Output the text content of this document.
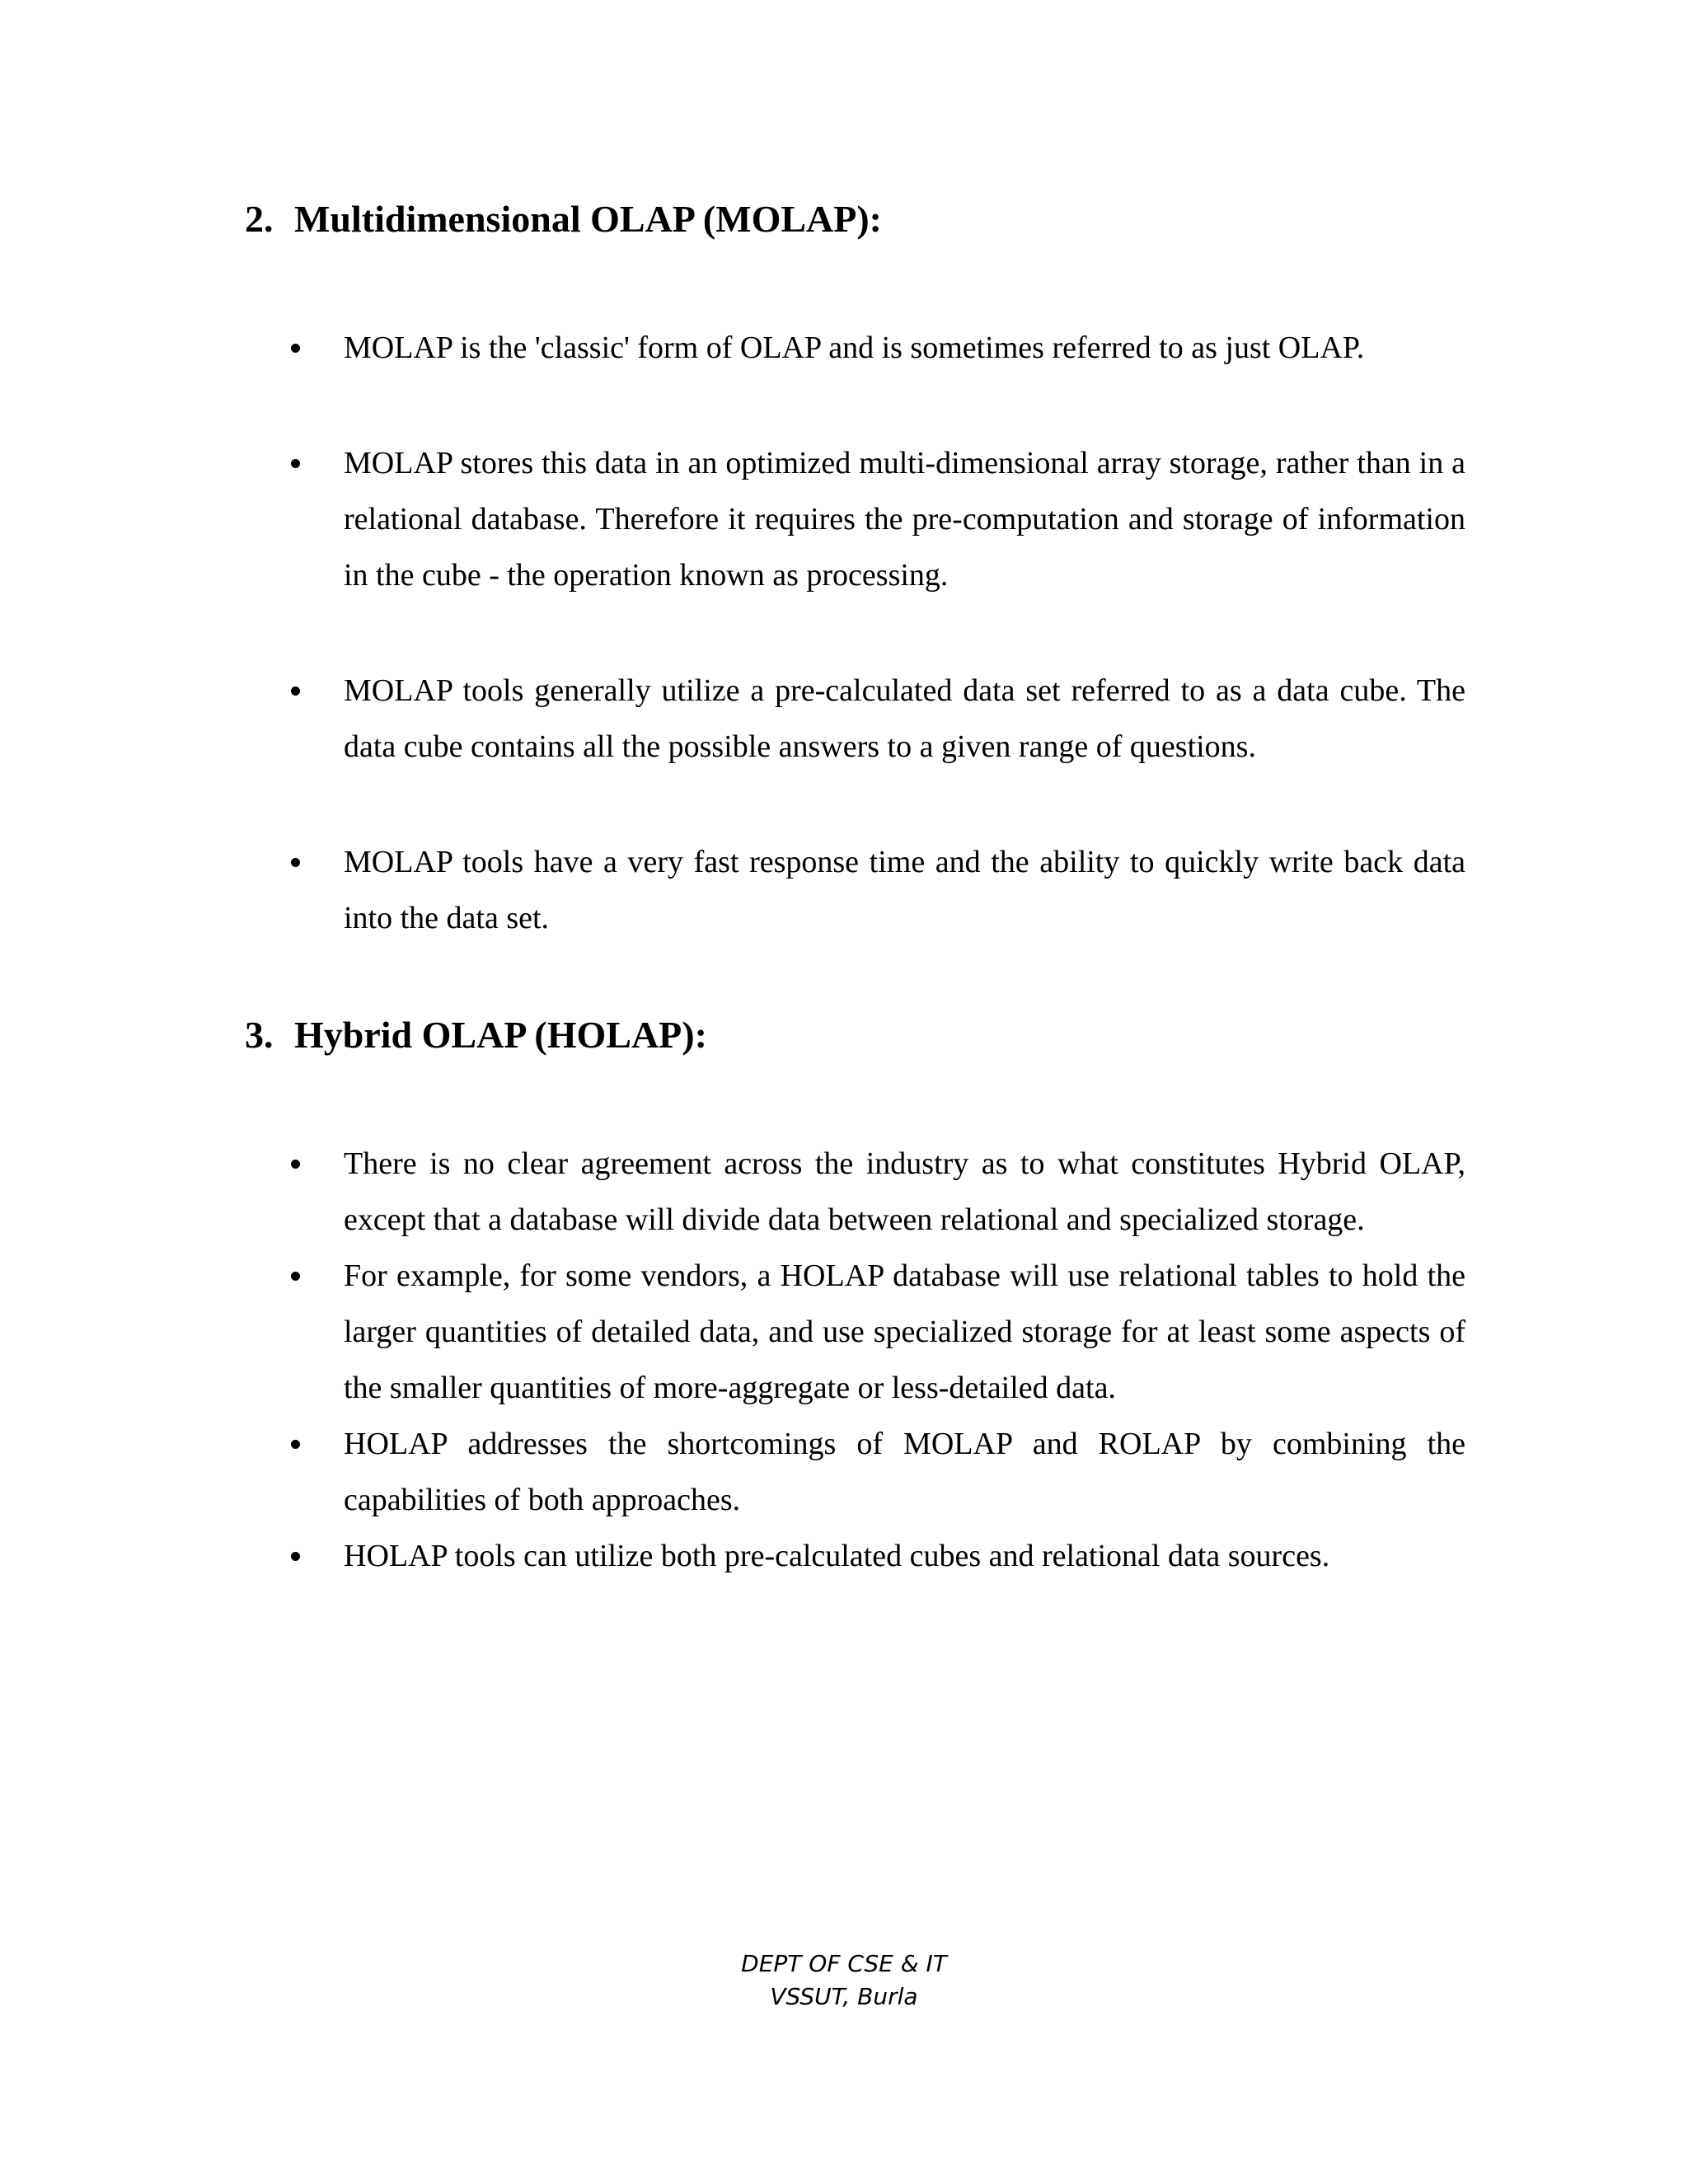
2. Multidimensional OLAP (MOLAP):
MOLAP is the 'classic' form of OLAP and is sometimes referred to as just OLAP.
MOLAP stores this data in an optimized multi-dimensional array storage, rather than in a relational database. Therefore it requires the pre-computation and storage of information in the cube - the operation known as processing.
MOLAP tools generally utilize a pre-calculated data set referred to as a data cube. The data cube contains all the possible answers to a given range of questions.
MOLAP tools have a very fast response time and the ability to quickly write back data into the data set.
3. Hybrid OLAP (HOLAP):
There is no clear agreement across the industry as to what constitutes Hybrid OLAP, except that a database will divide data between relational and specialized storage.
For example, for some vendors, a HOLAP database will use relational tables to hold the larger quantities of detailed data, and use specialized storage for at least some aspects of the smaller quantities of more-aggregate or less-detailed data.
HOLAP addresses the shortcomings of MOLAP and ROLAP by combining the capabilities of both approaches.
HOLAP tools can utilize both pre-calculated cubes and relational data sources.
DEPT OF CSE & IT
VSSUT, Burla
